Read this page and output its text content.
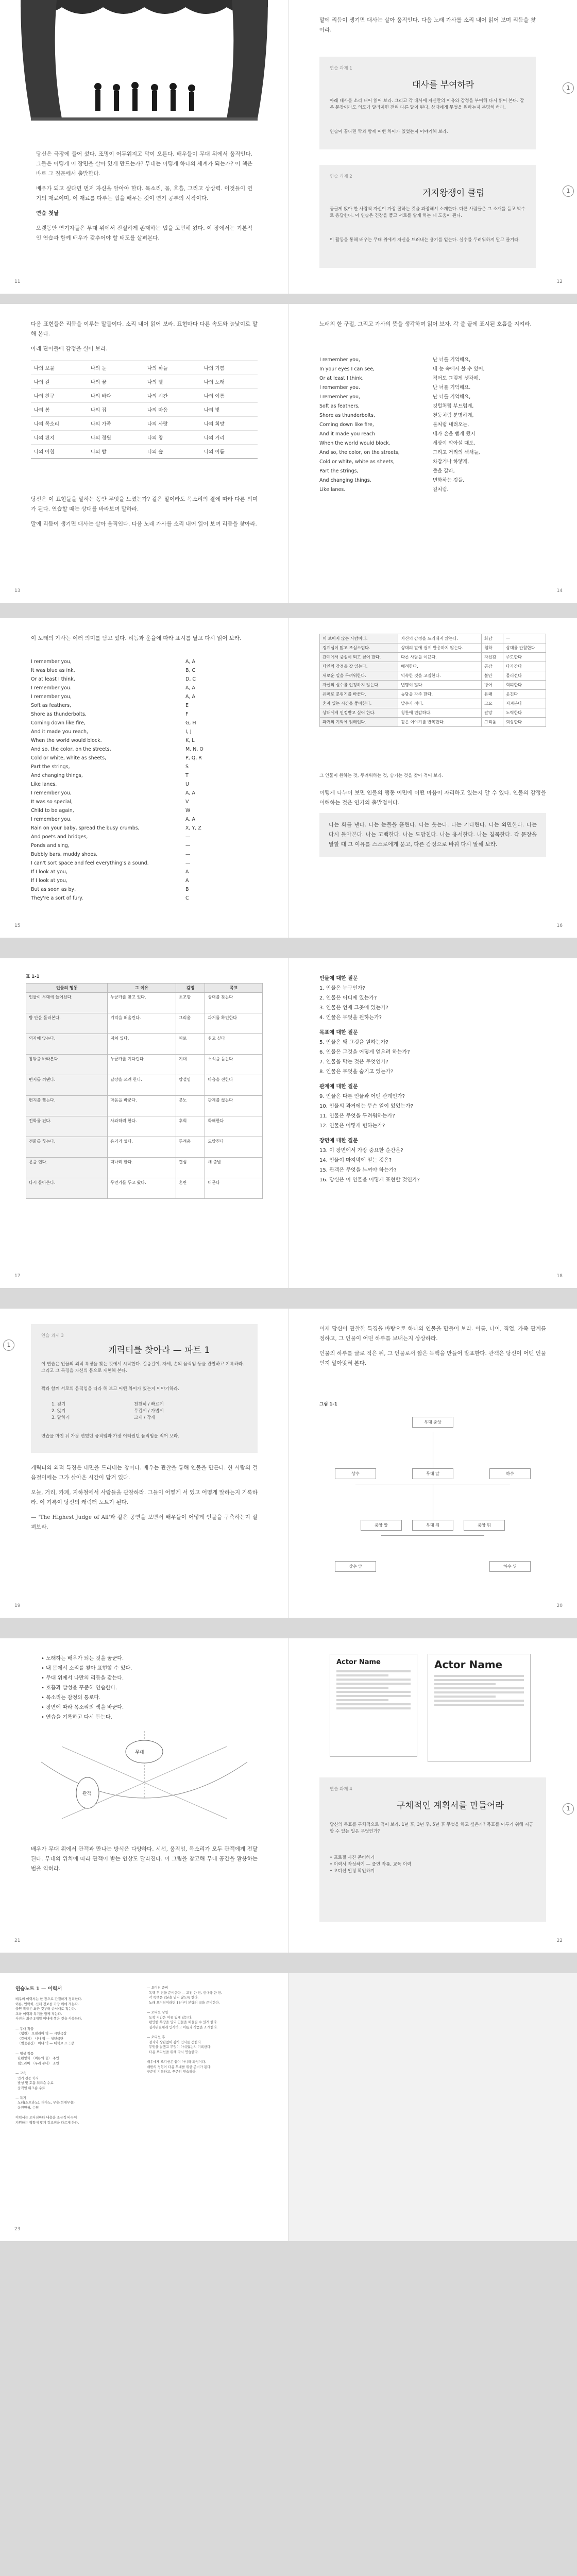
—1장—
연기의 기본
그 시작

당신은 극장에 들어 섰다. 조명이 어두워지고 막이 오른다. 배우들이 무대 위에서 움직인다. 그들은 어떻게 이 장면을 살아 있게 만드는가? 무대는 어떻게 하나의 세계가 되는가? 이 책은 바로 그 질문에서 출발한다.

배우가 되고 싶다면 먼저 자신을 알아야 한다. 목소리, 몸, 호흡, 그리고 상상력. 이것들이 연기의 재료이며, 이 재료를 다루는 법을 배우는 것이 연기 공부의 시작이다.

연습 첫날

오랫동안 연기자들은 무대 위에서 진실하게 존재하는 법을 고민해 왔다. 이 장에서는 기본적인 연습과 함께 배우가 갖추어야 할 태도를 살펴본다.

11

말에 리듬이 생기면 대사는 살아 움직인다. 다음 노래 가사를 소리 내어 읽어 보며 리듬을 찾아라.

1
연습 과제 1
대사를 부여하라
아래 대사를 소리 내어 읽어 보라. 그리고 각 대사에 자신만의 이유와 감정을 부여해 다시 읽어 본다. 같은 문장이라도 의도가 달라지면 전혀 다른 말이 된다. 상대에게 무엇을 원하는지 분명히 하라.
연습이 끝나면 짝과 함께 어떤 차이가 있었는지 이야기해 보라.
1
연습 과제 2
거지왕쟁이 클럽
둥글게 앉아 한 사람씩 자신이 가장 잘하는 것을 과장해서 소개한다. 다른 사람들은 그 소개를 듣고 박수로 응답한다. 이 연습은 긴장을 풀고 서로를 알게 하는 데 도움이 된다.
이 활동을 통해 배우는 무대 위에서 자신을 드러내는 용기를 얻는다. 실수를 두려워하지 말고 즐겨라.
12

다음 표현들은 리듬을 이루는 말들이다. 소리 내어 읽어 보라. 표현마다 다른 속도와 높낮이로 말해 본다.

아래 단어들에 감정을 실어 보라.

나의 보물	나의 눈	나의 하늘	나의 기쁨
나의 길	나의 꿈	나의 별	나의 노래
나의 친구	나의 바다	나의 시간	나의 여름
나의 봄	나의 집	나의 마음	나의 빛
나의 목소리	나의 가족	나의 사랑	나의 희망
나의 편지	나의 정원	나의 창	나의 거리
나의 아침	나의 밤	나의 숲	나의 이름

당신은 이 표현들을 말하는 동안 무엇을 느꼈는가? 같은 말이라도 목소리의 결에 따라 다른 의미가 된다. 연습할 때는 상대를 바라보며 말하라.

말에 리듬이 생기면 대사는 살아 움직인다. 다음 노래 가사를 소리 내어 읽어 보며 리듬을 찾아라.

13

노래의 한 구절, 그리고 가사의 뜻을 생각하며 읽어 보자. 각 줄 끝에 표시된 호흡을 지켜라.

I remember you,	난 너를 기억해요,
In your eyes I can see,	네 눈 속에서 볼 수 있어,
Or at least I think,	적어도 그렇게 생각해,
I remember you.	난 너를 기억해요.
I remember you,	난 너를 기억해요,
Soft as feathers,	깃털처럼 부드럽게,
Shore as thunderbolts,	천둥처럼 분명하게,
Coming down like fire,	불처럼 내려오는,
And it made you reach	네가 손을 뻗게 했지
When the world would block.	세상이 막아설 때도.
And so, the color, on the streets,	그리고 거리의 색채들,
Cold or white, white as sheets,	차갑거나 하얗게,
Part the strings,	줄을 갈라,
And changing things,	변화하는 것들,
Like lanes.	길처럼.
14

이 노래의 가사는 여러 의미를 담고 있다. 리듬과 운율에 따라 표시를 달고 다시 읽어 보라.

I remember you,	A, A
It was blue as ink,	B, C
Or at least I think,	D, C
I remember you.	A, A
I remember you,	A, A
Soft as feathers,	E
Shore as thunderbolts,	F
Coming down like fire,	G, H
And it made you reach,	I, J
When the world would block.	K, L
And so, the color, on the streets,	M, N, O
Cold or white, white as sheets,	P, Q, R
Part the strings,	S
And changing things,	T
Like lanes.	U
I remember you,	A, A
It was so special,	V
Child to be again,	W
I remember you,	A, A
Rain on your baby, spread the busy crumbs,	X, Y, Z
And poets and bridges,	—
Ponds and sing,	—
Bubbly bars, muddy shoes,	—
I can't sort space and feel everything's a sound.	—
If I look at you,	A
If I look at you,	A
But as soon as by,	B
They're a sort of fury.	C
15
미 보이지 않는 사람이다.	자신의 감정을 드러내지 않는다.	화남	—
경계심이 많고 조심스럽다.	상대의 말에 쉽게 반응하지 않는다.	침착	상대를 관찰한다
관계에서 중심이 되고 싶어 한다.	다른 사람을 이끈다.	자신감	주도한다
타인의 감정을 잘 읽는다.	배려한다.	공감	다가간다
새로운 일을 두려워한다.	익숙한 것을 고집한다.	불안	물러선다
자신의 실수를 인정하지 않는다.	변명이 많다.	방어	회피한다
유머로 분위기를 바꾼다.	농담을 자주 한다.	유쾌	웃긴다
혼자 있는 시간을 좋아한다.	말수가 적다.	고요	지켜본다
상대에게 인정받고 싶어 한다.	칭찬에 민감하다.	갈망	노력한다
과거의 기억에 얽매인다.	같은 이야기를 반복한다.	그리움	회상한다
그 인물이 원하는 것, 두려워하는 것, 숨기는 것을 찾아 적어 보라.

이렇게 나누어 보면 인물의 행동 이면에 어떤 마음이 자리하고 있는지 알 수 있다. 인물의 감정을 이해하는 것은 연기의 출발점이다.

나는 화를 낸다. 나는 눈물을 흘린다. 나는 웃는다. 나는 기다린다. 나는 외면한다. 나는 다시 돌아본다. 나는 고백한다. 나는 도망친다. 나는 용서한다. 나는 침묵한다. 각 문장을 말할 때 그 이유를 스스로에게 묻고, 다른 감정으로 바꿔 다시 말해 보라.
16
표 1-1
인물의 행동	그 이유	감정	목표
인물이 무대에 들어선다.	누군가를 찾고 있다.	초조함	상대를 찾는다
방 안을 둘러본다.	기억을 떠올린다.	그리움	과거를 확인한다
의자에 앉는다.	지쳐 있다.	피로	쉬고 싶다
창밖을 바라본다.	누군가를 기다린다.	기대	소식을 듣는다
편지를 꺼낸다.	답장을 쓰려 한다.	망설임	마음을 전한다
편지를 찢는다.	마음을 바꾼다.	분노	관계를 끊는다
전화를 건다.	사과하려 한다.	후회	화해한다
전화를 끊는다.	용기가 없다.	두려움	도망친다
문을 연다.	떠나려 한다.	결심	새 출발
다시 돌아온다.	무언가를 두고 왔다.	혼란	머문다
17
인물에 대한 질문
1. 인물은 누구인가?
2. 인물은 어디에 있는가?
3. 인물은 언제 그곳에 있는가?
4. 인물은 무엇을 원하는가?
목표에 대한 질문
5. 인물은 왜 그것을 원하는가?
6. 인물은 그것을 어떻게 얻으려 하는가?
7. 인물을 막는 것은 무엇인가?
8. 인물은 무엇을 숨기고 있는가?
관계에 대한 질문
9. 인물은 다른 인물과 어떤 관계인가?
10. 인물의 과거에는 무슨 일이 있었는가?
11. 인물은 무엇을 두려워하는가?
12. 인물은 어떻게 변하는가?
장면에 대한 질문
13. 이 장면에서 가장 중요한 순간은?
14. 인물이 마지막에 얻는 것은?
15. 관객은 무엇을 느껴야 하는가?
16. 당신은 이 인물을 어떻게 표현할 것인가?
18
1
연습 과제 3
캐릭터를 찾아라 — 파트 1
이 연습은 인물의 외적 특징을 찾는 것에서 시작한다. 걸음걸이, 자세, 손의 움직임 등을 관찰하고 기록하라. 그리고 그 특징을 자신의 몸으로 재현해 본다.
짝과 함께 서로의 움직임을 따라 해 보고 어떤 차이가 있는지 이야기하라.
1. 걷기	천천히 / 빠르게
2. 앉기	무겁게 / 가볍게
3. 말하기	크게 / 작게
연습을 마친 뒤 가장 편했던 움직임과 가장 어려웠던 움직임을 적어 보라.

캐릭터의 외적 특징은 내면을 드러내는 창이다. 배우는 관찰을 통해 인물을 만든다. 한 사람의 걸음걸이에는 그가 살아온 시간이 담겨 있다.

오늘, 거리, 카페, 지하철에서 사람들을 관찰하라. 그들이 어떻게 서 있고 어떻게 말하는지 기록하라. 이 기록이 당신의 캐릭터 노트가 된다.

— 'The Highest Judge of All'과 같은 공연을 보면서 배우들이 어떻게 인물을 구축하는지 살펴보라.

19

이제 당신이 관찰한 특징을 바탕으로 하나의 인물을 만들어 보라. 이름, 나이, 직업, 가족 관계를 정하고, 그 인물이 어떤 하루를 보내는지 상상하라.

인물의 하루를 글로 적은 뒤, 그 인물로서 짧은 독백을 만들어 발표한다. 관객은 당신이 어떤 인물인지 알아맞혀 본다.

그림 1-1
무대 중앙
상수	하수
무대 앞
무대 뒤
중앙 앞	중앙 뒤
상수 앞	하수 뒤
20
• 노래하는 배우가 되는 것을 꿈꾼다.
• 내 몸에서 소리를 찾아 표현할 수 있다.
• 무대 위에서 나만의 리듬을 갖는다.
• 호흡과 발성을 꾸준히 연습한다.
• 목소리는 감정의 통로다.
• 장면에 따라 목소리의 색을 바꾼다.
• 연습을 기록하고 다시 듣는다.
무대
관객

배우가 무대 위에서 관객과 만나는 방식은 다양하다. 시선, 움직임, 목소리가 모두 관객에게 전달된다. 무대의 위치에 따라 관객이 받는 인상도 달라진다. 이 그림을 참고해 무대 공간을 활용하는 법을 익혀라.

21
Actor Name	Actor Name
1
연습 과제 4
구체적인 계획서를 만들어라
당신의 목표를 구체적으로 적어 보라. 1년 후, 3년 후, 5년 후 무엇을 하고 싶은가? 목표를 이루기 위해 지금 할 수 있는 일은 무엇인가?
• 프로필 사진 준비하기
• 이력서 작성하기 — 출연 작품, 교육 이력
• 오디션 일정 확인하기
22
연습노트 1 — 이력서
배우의 이력서는 한 장으로 간결하게 정리한다.
이름, 연락처, 신체 정보를 가장 위에 적는다.
출연 작품은 최근 것부터 순서대로 적는다.
교육 이력과 특기를 함께 적는다.
사진은 최근 3개월 이내에 찍은 것을 사용한다.

— 무대 작품
〈햄릿〉 오필리어 역 — 시민극장
〈갈매기〉 니나 역 — 청년극단
〈벚꽃동산〉 아냐 역 — 대학로 소극장

— 영상 작품
단편영화 〈여름의 끝〉 주연
웹드라마 〈우리 동네〉 조연

— 교육
연기 전공 학사
발성 및 호흡 워크숍 수료
움직임 워크숍 수료

— 특기
노래(소프라노), 피아노, 무용(현대무용)
운전면허, 수영

이력서는 오디션마다 내용을 조금씩 바꾸어
지원하는 역할에 맞게 강조점을 다르게 한다.
— 오디션 준비
독백 두 편을 준비한다 — 고전 한 편, 현대극 한 편.
각 독백은 2분을 넘지 않도록 한다.
노래 오디션이라면 16마디 분량의 곡을 준비한다.

— 오디션 당일
도착 시간은 여유 있게 잡는다.
편안한 복장을 입되 인물을 떠올릴 수 있게 한다.
심사위원에게 인사하고 이름과 작품을 소개한다.

— 오디션 후
결과와 상관없이 감사 인사를 전한다.
무엇을 잘했고 무엇이 아쉬웠는지 기록한다.
다음 오디션을 위해 다시 연습한다.

배우에게 오디션은 끝이 아니라 과정이다.
매번의 경험이 다음 무대를 위한 준비가 된다.
꾸준히 기록하고, 꾸준히 연습하라.
23
